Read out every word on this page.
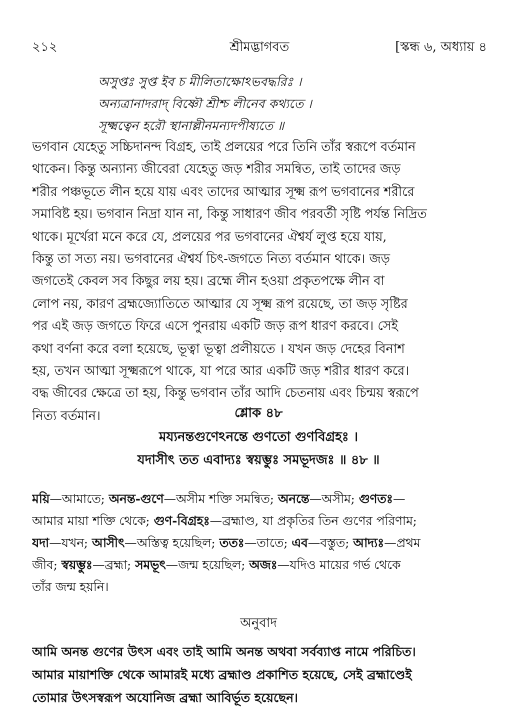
২১২	শ্রীমদ্ভাগবত	[স্কন্ধ ৬, অধ্যায় ৪
অসুপ্তঃ সুপ্ত ইব চ মীলিতাক্ষোঽভবদ্ধরিঃ ।
অন্যত্রানাদরাদ্ বিষ্ণৌ শ্রীশ্চ লীনেব কথ্যতে ।
সূক্ষ্মত্বেন হরৌ স্থানাল্লীনমন্যদপীষ্যতে ॥
ভগবান যেহেতু সচ্চিদানন্দ বিগ্রহ, তাই প্রলয়ের পরে তিনি তাঁর স্বরূপে বর্তমান
থাকেন। কিন্তু অন্যান্য জীবেরা যেহেতু জড় শরীর সমন্বিত, তাই তাদের জড়
শরীর পঞ্চভূতে লীন হয়ে যায় এবং তাদের আত্মার সূক্ষ্ম রূপ ভগবানের শরীরে
সমাবিষ্ট হয়। ভগবান নিদ্রা যান না, কিন্তু সাধারণ জীব পরবর্তী সৃষ্টি পর্যন্ত নিদ্রিত
থাকে। মূর্খেরা মনে করে যে, প্রলয়ের পর ভগবানের ঐশ্বর্য লুপ্ত হয়ে যায়,
কিন্তু তা সত্য নয়। ভগবানের ঐশ্বর্য চিৎ-জগতে নিত্য বর্তমান থাকে। জড়
জগতেই কেবল সব কিছুর লয় হয়। ব্রহ্মে লীন হওয়া প্রকৃতপক্ষে লীন বা
লোপ নয়, কারণ ব্রহ্মজ্যোতিতে আত্মার যে সূক্ষ্ম রূপ রয়েছে, তা জড় সৃষ্টির
পর এই জড় জগতে ফিরে এসে পুনরায় একটি জড় রূপ ধারণ করবে। সেই
কথা বর্ণনা করে বলা হয়েছে, ভূত্বা ভূত্বা প্রলীয়তে । যখন জড় দেহের বিনাশ
হয়, তখন আত্মা সূক্ষ্মরূপে থাকে, যা পরে আর একটি জড় শরীর ধারণ করে।
বদ্ধ জীবের ক্ষেত্রে তা হয়, কিন্তু ভগবান তাঁর আদি চেতনায় এবং চিন্ময় স্বরূপে
নিত্য বর্তমান।	শ্লোক ৪৮
ময্যনন্তগুণেঽনন্তে গুণতো গুণবিগ্রহঃ ।
যদাসীৎ তত এবাদ্যঃ স্বয়ম্ভুঃ সমভূদজঃ ॥ ৪৮ ॥
ময়ি—আমাতে; অনন্ত-গুণে—অসীম শক্তি সমন্বিত; অনন্তে—অসীম; গুণতঃ—
আমার মায়া শক্তি থেকে; গুণ-বিগ্রহঃ—ব্রহ্মাণ্ড, যা প্রকৃতির তিন গুণের পরিণাম;
যদা—যখন; আসীৎ—অস্তিত্ব হয়েছিল; ততঃ—তাতে; এব—বস্তুত; আদ্যঃ—প্রথম
জীব; স্বয়ম্ভুঃ—ব্রহ্মা; সমভূৎ—জন্ম হয়েছিল; অজঃ—যদিও মায়ের গর্ভ থেকে
তাঁর জন্ম হয়নি।
অনুবাদ
আমি অনন্ত গুণের উৎস এবং তাই আমি অনন্ত অথবা সর্বব্যাপ্ত নামে পরিচিত।
আমার মায়াশক্তি থেকে আমারই মধ্যে ব্রহ্মাণ্ড প্রকাশিত হয়েছে, সেই ব্রহ্মাণ্ডেই
তোমার উৎসস্বরূপ অযোনিজ ব্রহ্মা আবির্ভূত হয়েছেন।
